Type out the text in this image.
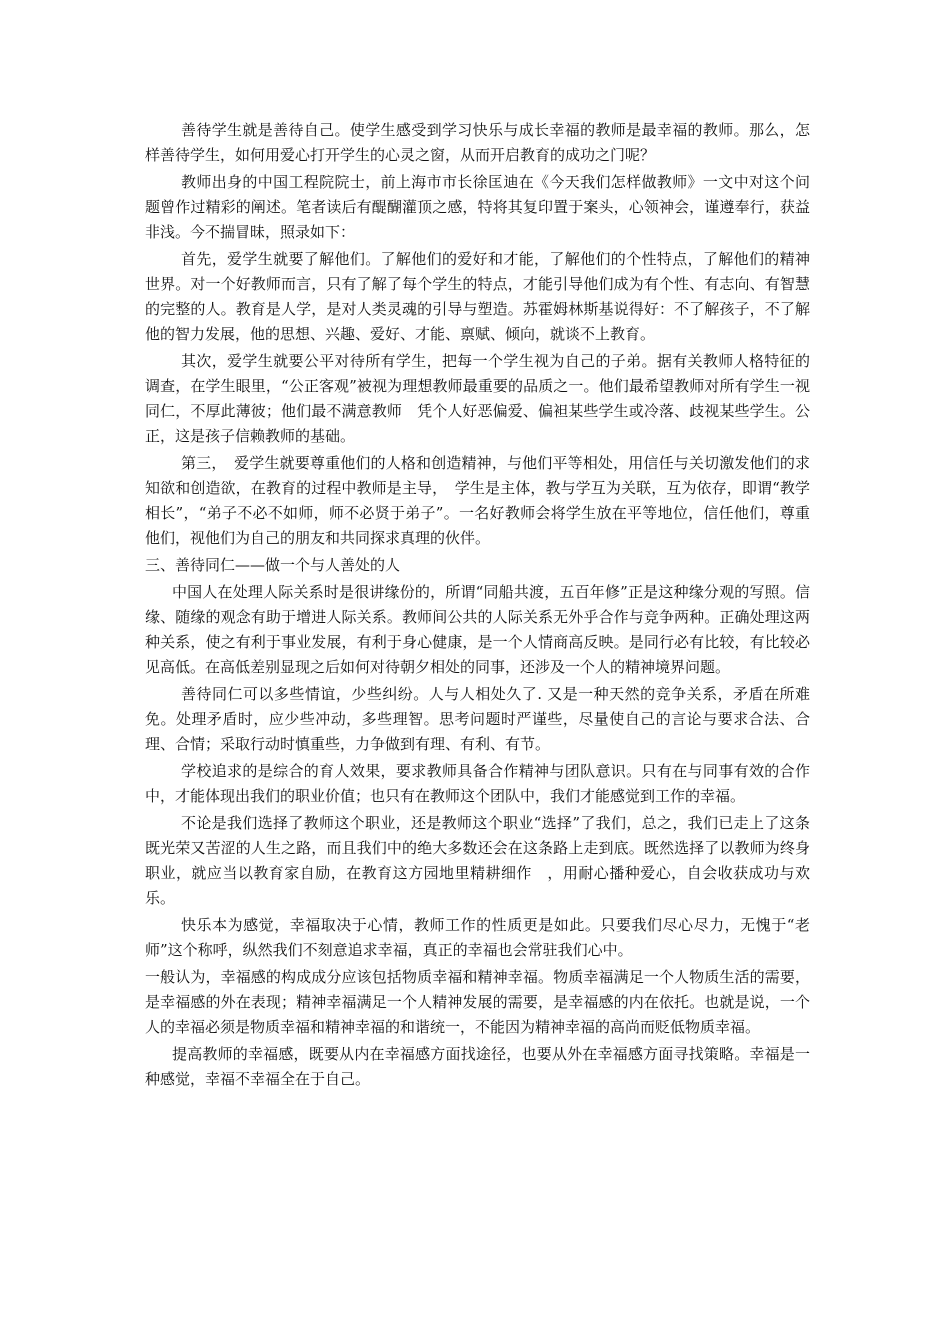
善待学生就是善待自己。使学生感受到学习快乐与成长幸福的教师是最幸福的教师。那么，怎样善待学生，如何用爱心打开学生的心灵之窗，从而开启教育的成功之门呢？

教师出身的中国工程院院士，前上海市市长徐匡迪在《今天我们怎样做教师》一文中对这个问题曾作过精彩的阐述。笔者读后有醍醐灌顶之感，特将其复印置于案头，心领神会，谨遵奉行，获益非浅。今不揣冒昧，照录如下：

首先，爱学生就要了解他们。了解他们的爱好和才能，了解他们的个性特点，了解他们的精神世界。对一个好教师而言，只有了解了每个学生的特点，才能引导他们成为有个性、有志向、有智慧的完整的人。教育是人学，是对人类灵魂的引导与塑造。苏霍姆林斯基说得好：不了解孩子，不了解他的智力发展，他的思想、兴趣、爱好、才能、禀赋、倾向，就谈不上教育。

其次，爱学生就要公平对待所有学生，把每一个学生视为自己的子弟。据有关教师人格特征的调查，在学生眼里，“公正客观”被视为理想教师最重要的品质之一。他们最希望教师对所有学生一视同仁，不厚此薄彼；他们最不满意教师　凭个人好恶偏爱、偏袒某些学生或冷落、歧视某些学生。公正，这是孩子信赖教师的基础。

第三，　爱学生就要尊重他们的人格和创造精神，与他们平等相处，用信任与关切激发他们的求知欲和创造欲，在教育的过程中教师是主导，　学生是主体，教与学互为关联，互为依存，即谓“教学相长”，“弟子不必不如师，师不必贤于弟子”。一名好教师会将学生放在平等地位，信任他们，尊重他们，视他们为自己的朋友和共同探求真理的伙伴。

三、善待同仁——做一个与人善处的人

中国人在处理人际关系时是很讲缘份的，所谓“同船共渡，五百年修”正是这种缘分观的写照。信缘、随缘的观念有助于增进人际关系。教师间公共的人际关系无外乎合作与竞争两种。正确处理这两种关系，使之有利于事业发展，有利于身心健康，是一个人情商高反映。是同行必有比较，有比较必见高低。在高低差别显现之后如何对待朝夕相处的同事，还涉及一个人的精神境界问题。

善待同仁可以多些情谊，少些纠纷。人与人相处久了. 又是一种天然的竞争关系，矛盾在所难免。处理矛盾时，应少些冲动，多些理智。思考问题时严谨些，尽量使自己的言论与要求合法、合理、合情；采取行动时慎重些，力争做到有理、有利、有节。

学校追求的是综合的育人效果，要求教师具备合作精神与团队意识。只有在与同事有效的合作中，才能体现出我们的职业价值；也只有在教师这个团队中，我们才能感觉到工作的幸福。

不论是我们选择了教师这个职业，还是教师这个职业“选择”了我们，总之，我们已走上了这条既光荣又苦涩的人生之路，而且我们中的绝大多数还会在这条路上走到底。既然选择了以教师为终身职业，就应当以教育家自励，在教育这方园地里精耕细作　，用耐心播种爱心，自会收获成功与欢乐。

快乐本为感觉，幸福取决于心情，教师工作的性质更是如此。只要我们尽心尽力，无愧于“老师”这个称呼，纵然我们不刻意追求幸福，真正的幸福也会常驻我们心中。

一般认为，幸福感的构成成分应该包括物质幸福和精神幸福。物质幸福满足一个人物质生活的需要，是幸福感的外在表现；精神幸福满足一个人精神发展的需要，是幸福感的内在依托。也就是说，一个人的幸福必须是物质幸福和精神幸福的和谐统一，不能因为精神幸福的高尚而贬低物质幸福。

提高教师的幸福感，既要从内在幸福感方面找途径，也要从外在幸福感方面寻找策略。幸福是一种感觉，幸福不幸福全在于自己。
